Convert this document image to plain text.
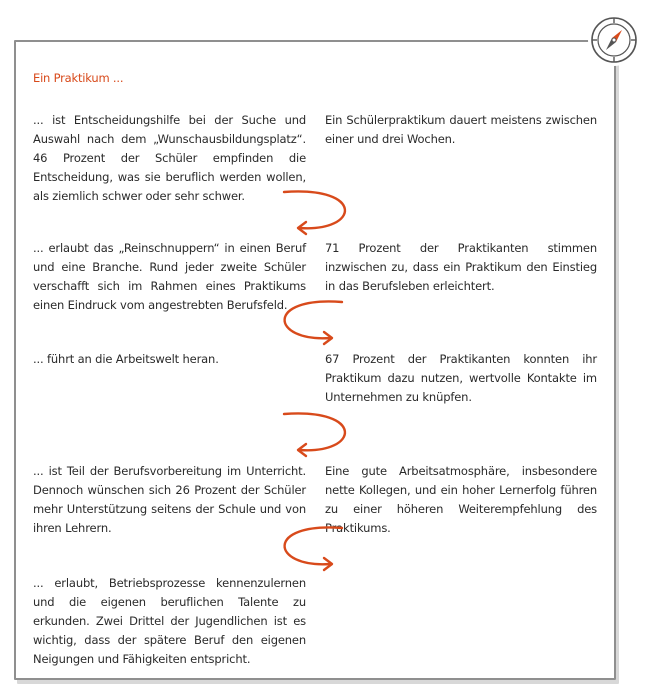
Ein Praktikum ...
... ist Entscheidungshilfe bei der Suche und Auswahl nach dem „Wunschausbildungsplatz“. 46 Prozent der Schüler empfinden die Entscheidung, was sie beruflich werden wollen, als ziemlich schwer oder sehr schwer.
... erlaubt das „Reinschnuppern“ in einen Beruf und eine Branche. Rund jeder zweite Schüler verschafft sich im Rahmen eines Praktikums einen Eindruck vom angestrebten Berufsfeld.
... führt an die Arbeitswelt heran.
... ist Teil der Berufsvorbereitung im Unterricht. Dennoch wünschen sich 26 Prozent der Schüler mehr Unterstützung seitens der Schule und von ihren Lehrern.
... erlaubt, Betriebsprozesse kennenzulernen und die eigenen beruflichen Talente zu erkunden. Zwei Drittel der Jugendlichen ist es wichtig, dass der spätere Beruf den eigenen Neigungen und Fähigkeiten entspricht.
Ein Schülerpraktikum dauert meistens zwischen einer und drei Wochen.
71 Prozent der Praktikanten stimmen inzwischen zu, dass ein Praktikum den Einstieg in das Berufsleben erleichtert.
67 Prozent der Praktikanten konnten ihr Praktikum dazu nutzen, wertvolle Kontakte im Unternehmen zu knüpfen.
Eine gute Arbeitsatmosphäre, insbesondere nette Kollegen, und ein hoher Lernerfolg führen zu einer höheren Weiterempfehlung des Praktikums.
